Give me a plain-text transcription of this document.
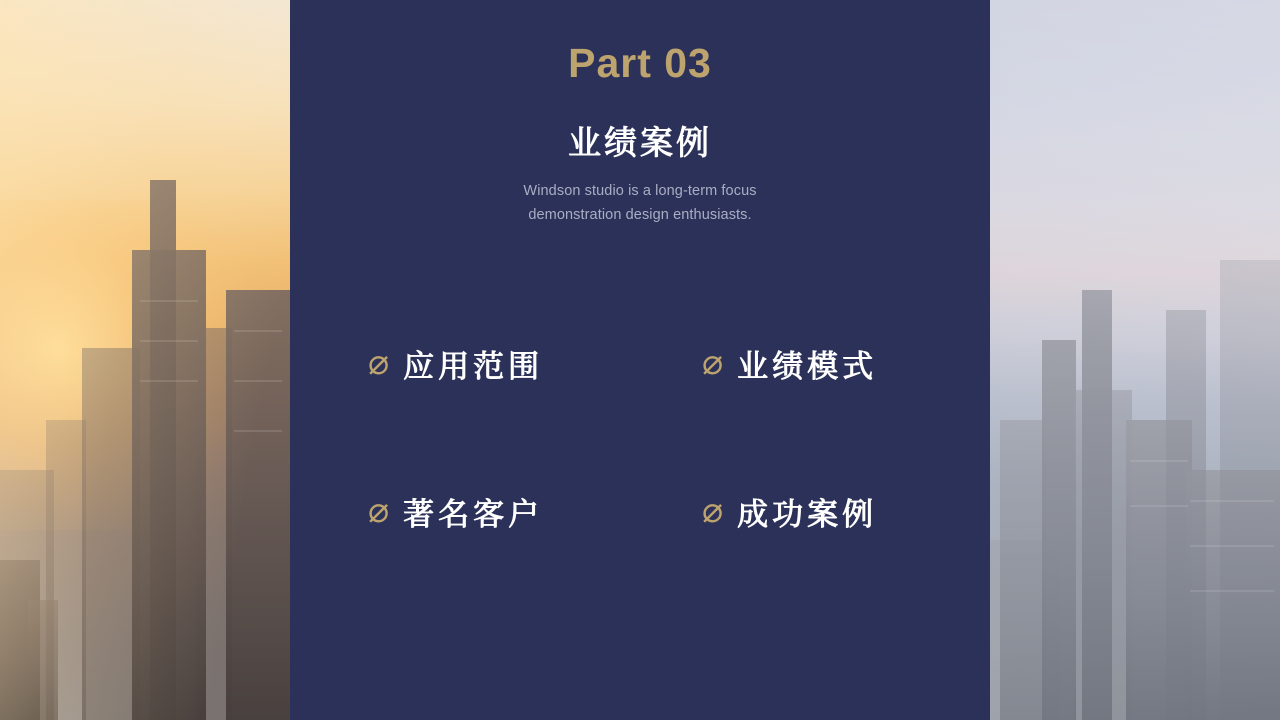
Part 03
业绩案例

Windson studio is a long-term focus
demonstration design enthusiasts.

⌀ 应用范围	⌀ 业绩模式
⌀ 著名客户	⌀ 成功案例
